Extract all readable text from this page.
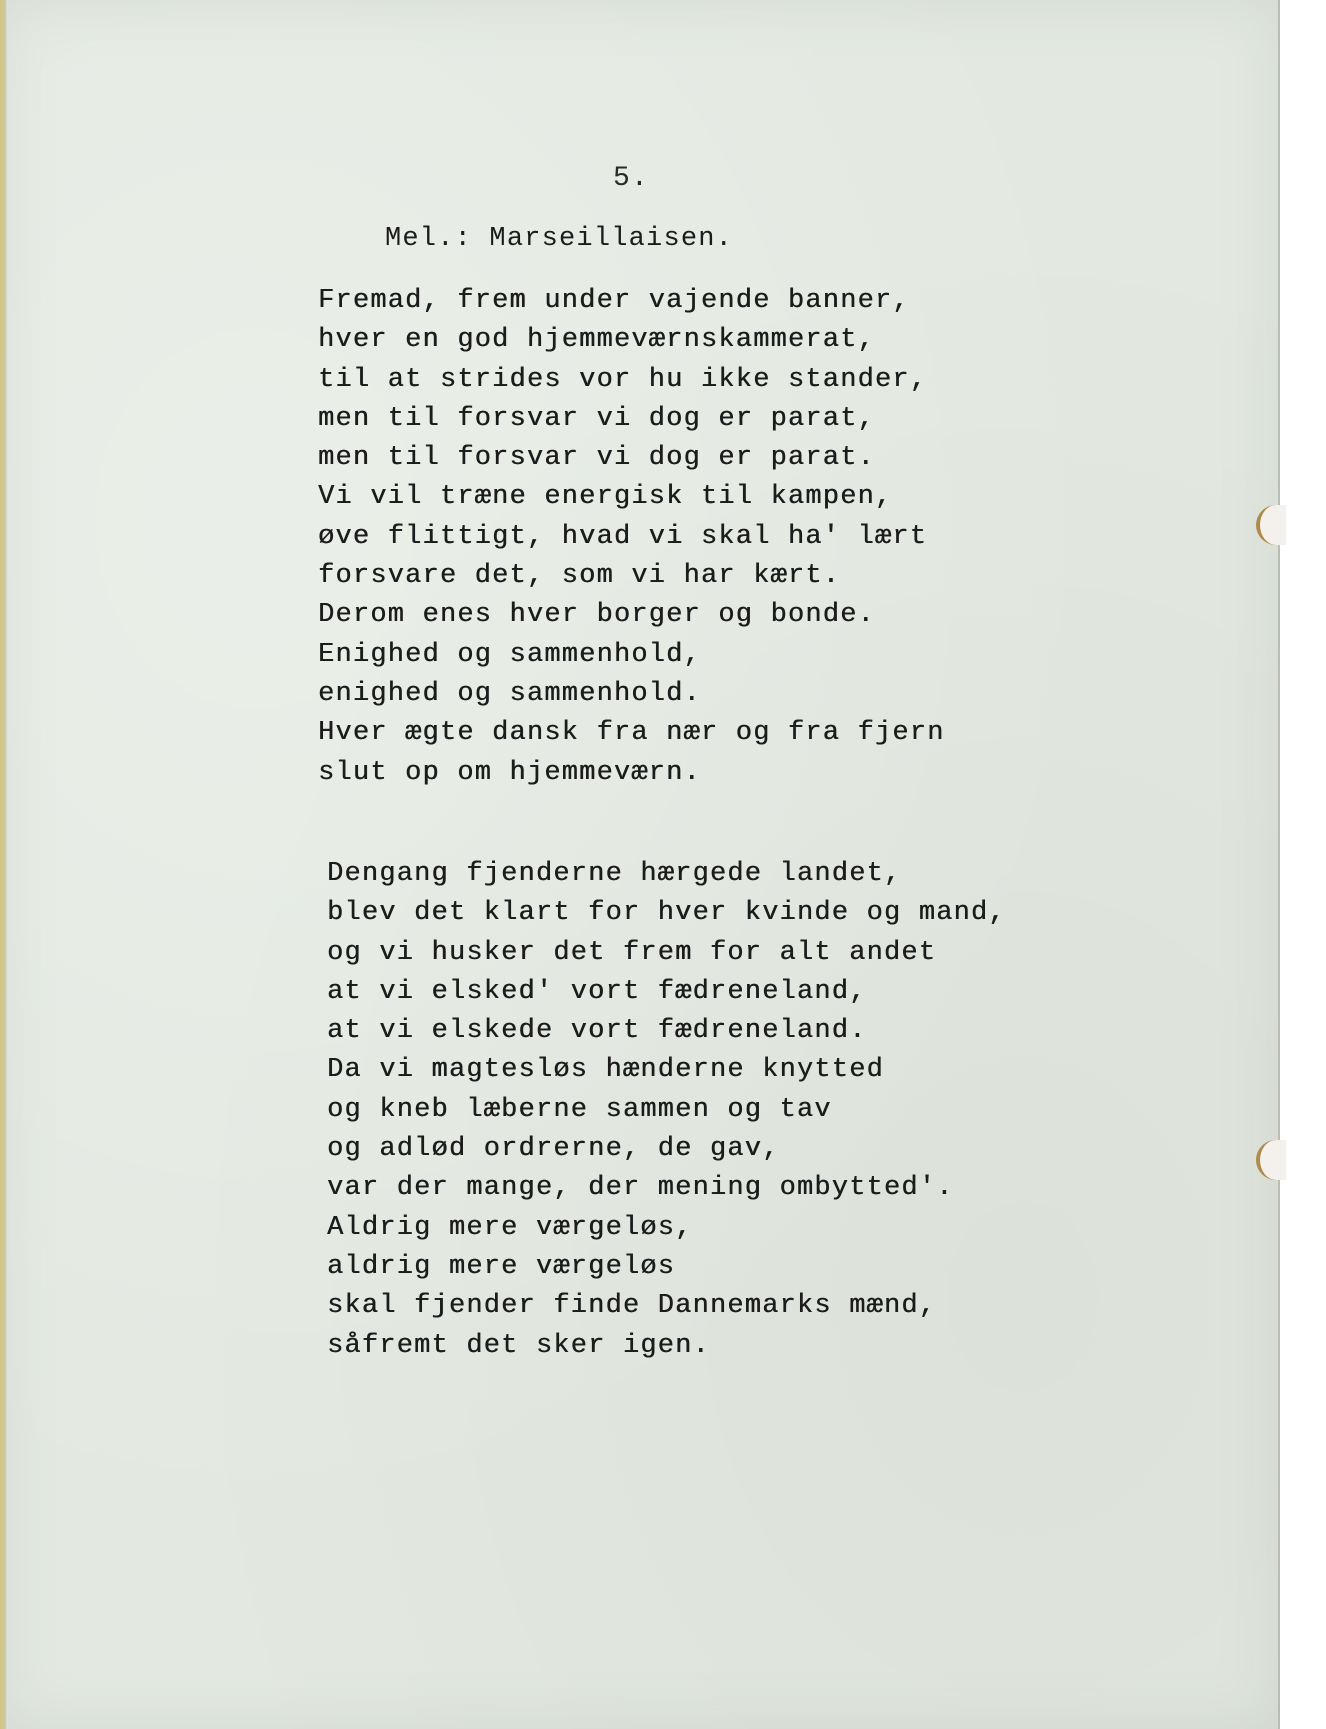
5.
Mel.: Marseillaisen.
Fremad, frem under vajende banner,
hver en god hjemmeværnskammerat,
til at strides vor hu ikke stander,
men til forsvar vi dog er parat,
men til forsvar vi dog er parat.
Vi vil træne energisk til kampen,
øve flittigt, hvad vi skal ha' lært
forsvare det, som vi har kært.
Derom enes hver borger og bonde.
Enighed og sammenhold,
enighed og sammenhold.
Hver ægte dansk fra nær og fra fjern
slut op om hjemmeværn.
Dengang fjenderne hærgede landet,
blev det klart for hver kvinde og mand,
og vi husker det frem for alt andet
at vi elsked' vort fædreneland,
at vi elskede vort fædreneland.
Da vi magtesløs hænderne knytted
og kneb læberne sammen og tav
og adlød ordrerne, de gav,
var der mange, der mening ombytted'.
Aldrig mere værgeløs,
aldrig mere værgeløs
skal fjender finde Dannemarks mænd,
såfremt det sker igen.
